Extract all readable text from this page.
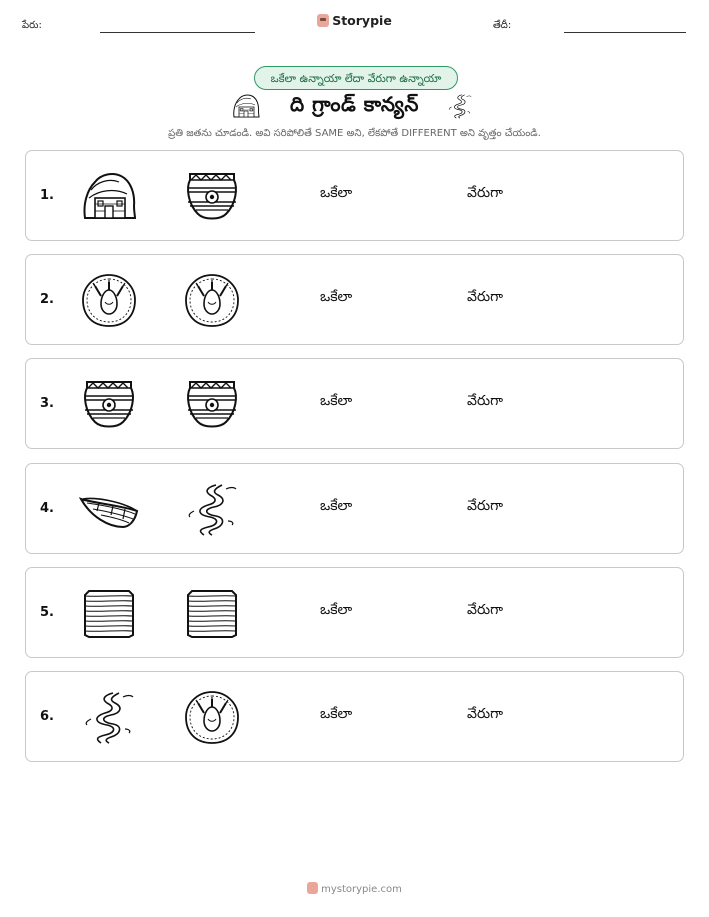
పేరు:	Storypie	తేదీ:
ఒకేలా ఉన్నాయా లేదా వేరుగా ఉన్నాయా
ది గ్రాండ్ కాన్యన్
ప్రతి జతను చూడండి. అవి సరిపోలితే SAME అని, లేకపోతే DIFFERENT అని వృత్తం చేయండి.
1.	ఒకేలా	వేరుగా
2.	ఒకేలా	వేరుగా
3.	ఒకేలా	వేరుగా
4.	ఒకేలా	వేరుగా
5.	ఒకేలా	వేరుగా
6.	ఒకేలా	వేరుగా
mystorypie.com
